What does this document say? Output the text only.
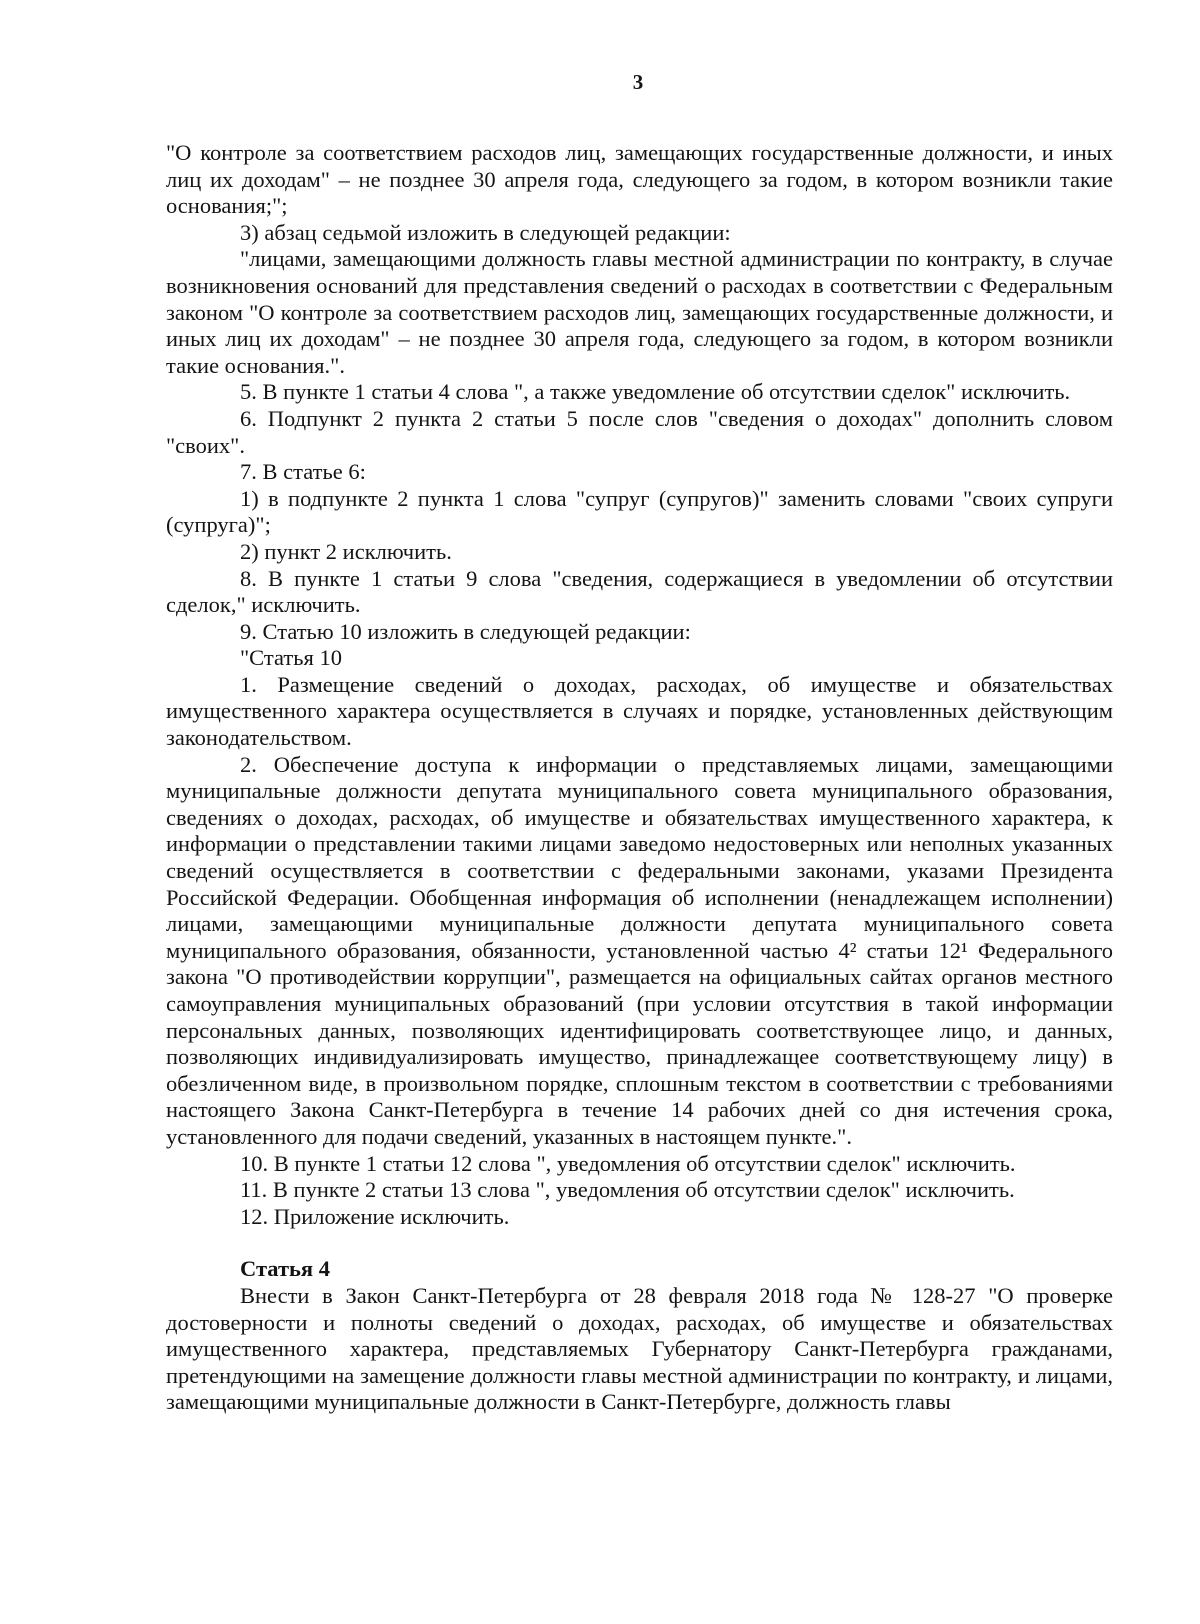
3

"О контроле за соответствием расходов лиц, замещающих государственные должности, и иных лиц их доходам" – не позднее 30 апреля года, следующего за годом, в котором возникли такие основания;";

3) абзац седьмой изложить в следующей редакции:

"лицами, замещающими должность главы местной администрации по контракту, в случае возникновения оснований для представления сведений о расходах в соответствии с Федеральным законом "О контроле за соответствием расходов лиц, замещающих государственные должности, и иных лиц их доходам" – не позднее 30 апреля года, следующего за годом, в котором возникли такие основания.".

5. В пункте 1 статьи 4 слова ", а также уведомление об отсутствии сделок" исключить.

6. Подпункт 2 пункта 2 статьи 5 после слов "сведения о доходах" дополнить словом "своих".

7. В статье 6:

1) в подпункте 2 пункта 1 слова "супруг (супругов)" заменить словами "своих супруги (супруга)";

2) пункт 2 исключить.

8. В пункте 1 статьи 9 слова "сведения, содержащиеся в уведомлении об отсутствии сделок," исключить.

9. Статью 10 изложить в следующей редакции:

"Статья 10

1. Размещение сведений о доходах, расходах, об имуществе и обязательствах имущественного характера осуществляется в случаях и порядке, установленных действующим законодательством.

2. Обеспечение доступа к информации о представляемых лицами, замещающими муниципальные должности депутата муниципального совета муниципального образования, сведениях о доходах, расходах, об имуществе и обязательствах имущественного характера, к информации о представлении такими лицами заведомо недостоверных или неполных указанных сведений осуществляется в соответствии с федеральными законами, указами Президента Российской Федерации. Обобщенная информация об исполнении (ненадлежащем исполнении) лицами, замещающими муниципальные должности депутата муниципального совета муниципального образования, обязанности, установленной частью 4² статьи 12¹ Федерального закона "О противодействии коррупции", размещается на официальных сайтах органов местного самоуправления муниципальных образований (при условии отсутствия в такой информации персональных данных, позволяющих идентифицировать соответствующее лицо, и данных, позволяющих индивидуализировать имущество, принадлежащее соответствующему лицу) в обезличенном виде, в произвольном порядке, сплошным текстом в соответствии с требованиями настоящего Закона Санкт-Петербурга в течение 14 рабочих дней со дня истечения срока, установленного для подачи сведений, указанных в настоящем пункте.".

10. В пункте 1 статьи 12 слова ", уведомления об отсутствии сделок" исключить.

11. В пункте 2 статьи 13 слова ", уведомления об отсутствии сделок" исключить.

12. Приложение исключить.

Статья 4

Внести в Закон Санкт-Петербурга от 28 февраля 2018 года № 128-27 "О проверке достоверности и полноты сведений о доходах, расходах, об имуществе и обязательствах имущественного характера, представляемых Губернатору Санкт-Петербурга гражданами, претендующими на замещение должности главы местной администрации по контракту, и лицами, замещающими муниципальные должности в Санкт-Петербурге, должность главы
